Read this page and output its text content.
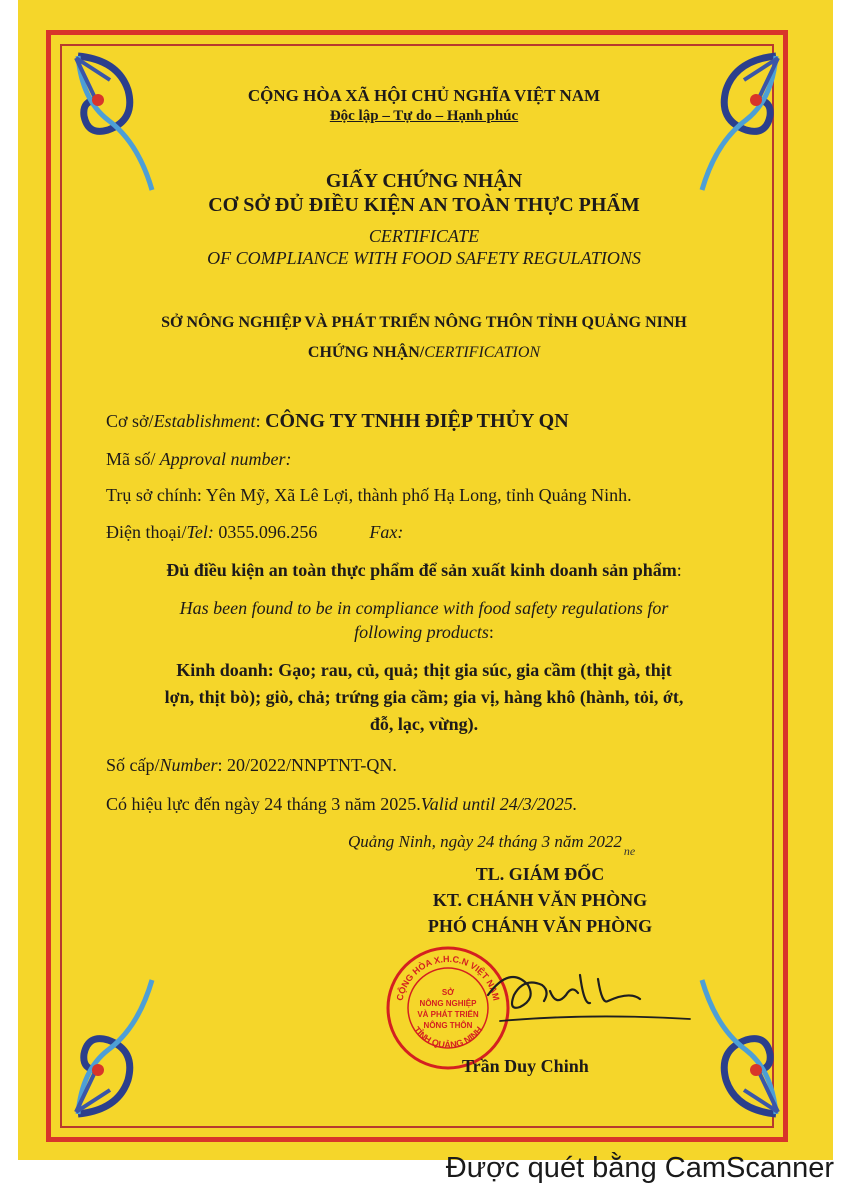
CỘNG HÒA XÃ HỘI CHỦ NGHĨA VIỆT NAM
Độc lập – Tự do – Hạnh phúc
GIẤY CHỨNG NHẬN
CƠ SỞ ĐỦ ĐIỀU KIỆN AN TOÀN THỰC PHẨM
CERTIFICATE
OF COMPLIANCE WITH FOOD SAFETY REGULATIONS
SỞ NÔNG NGHIỆP VÀ PHÁT TRIỂN NÔNG THÔN TỈNH QUẢNG NINH
CHỨNG NHẬN/CERTIFICATION
Cơ sở/Establishment: CÔNG TY TNHH ĐIỆP THỦY QN
Mã số/ Approval number:
Trụ sở chính: Yên Mỹ, Xã Lê Lợi, thành phố Hạ Long, tỉnh Quảng Ninh.
Điện thoại/Tel: 0355.096.256	Fax:
Đủ điều kiện an toàn thực phẩm để sản xuất kinh doanh sản phẩm:
Has been found to be in compliance with food safety regulations for
following products:
Kinh doanh: Gạo; rau, củ, quả; thịt gia súc, gia cầm (thịt gà, thịt
lợn, thịt bò); giò, chả; trứng gia cầm; gia vị, hàng khô (hành, tỏi, ớt,
đỗ, lạc, vừng).
Số cấp/Number: 20/2022/NNPTNT-QN.
Có hiệu lực đến ngày 24 tháng 3 năm 2025.Valid until 24/3/2025.
Quảng Ninh, ngày 24 tháng 3 năm 2022 $_{ne}$
TL. GIÁM ĐỐC
KT. CHÁNH VĂN PHÒNG
PHÓ CHÁNH VĂN PHÒNG
CỘNG HÒA X.H.C.N VIỆT NAM
TỈNH QUẢNG NINH
SỞ
NÔNG NGHIỆP
VÀ PHÁT TRIỂN
NÔNG THÔN
Trần Duy Chinh
Được quét bằng CamScanner
